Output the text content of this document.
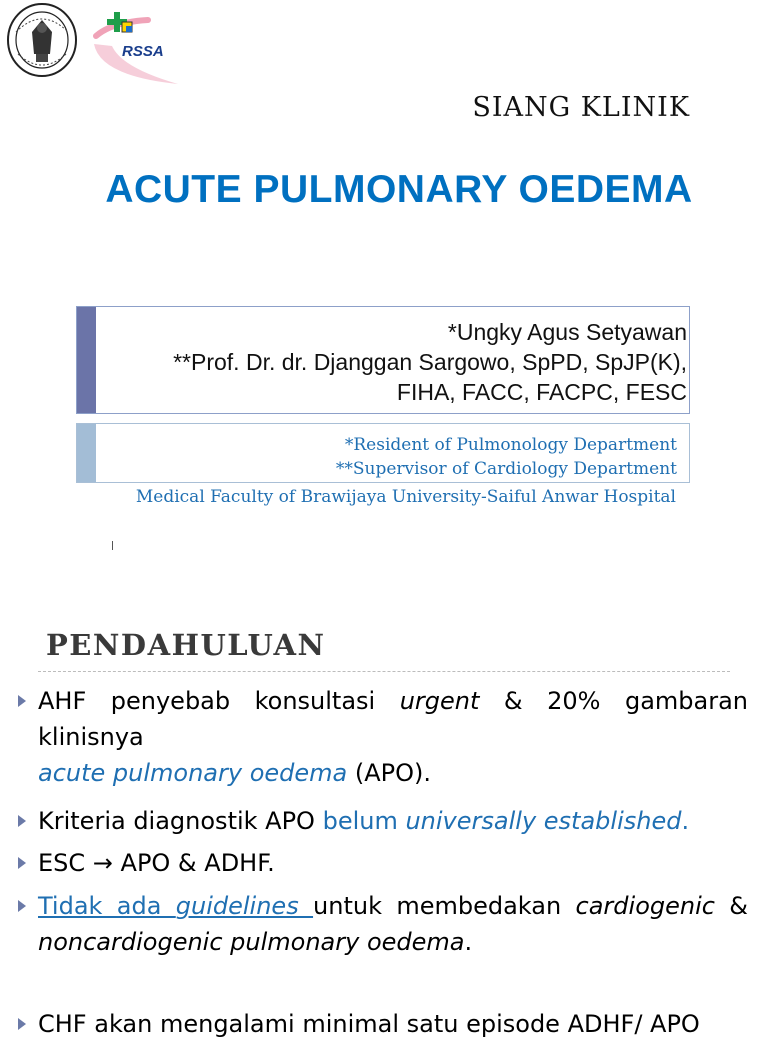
RSSA
SIANG KLINIK
ACUTE PULMONARY OEDEMA
*Ungky Agus Setyawan
**Prof. Dr. dr. Djanggan Sargowo, SpPD, SpJP(K),
FIHA, FACC, FACPC, FESC
*Resident of Pulmonology Department
**Supervisor of Cardiology Department
Medical Faculty of Brawijaya University-Saiful Anwar Hospital
PENDAHULUAN
AHF penyebab konsultasi urgent & 20% gambaran klinisnya
acute pulmonary oedema (APO).
Kriteria diagnostik APO belum universally established.
ESC → APO & ADHF.
Tidak ada guidelines untuk membedakan cardiogenic &
noncardiogenic pulmonary oedema.
CHF akan mengalami minimal satu episode ADHF/ APO
